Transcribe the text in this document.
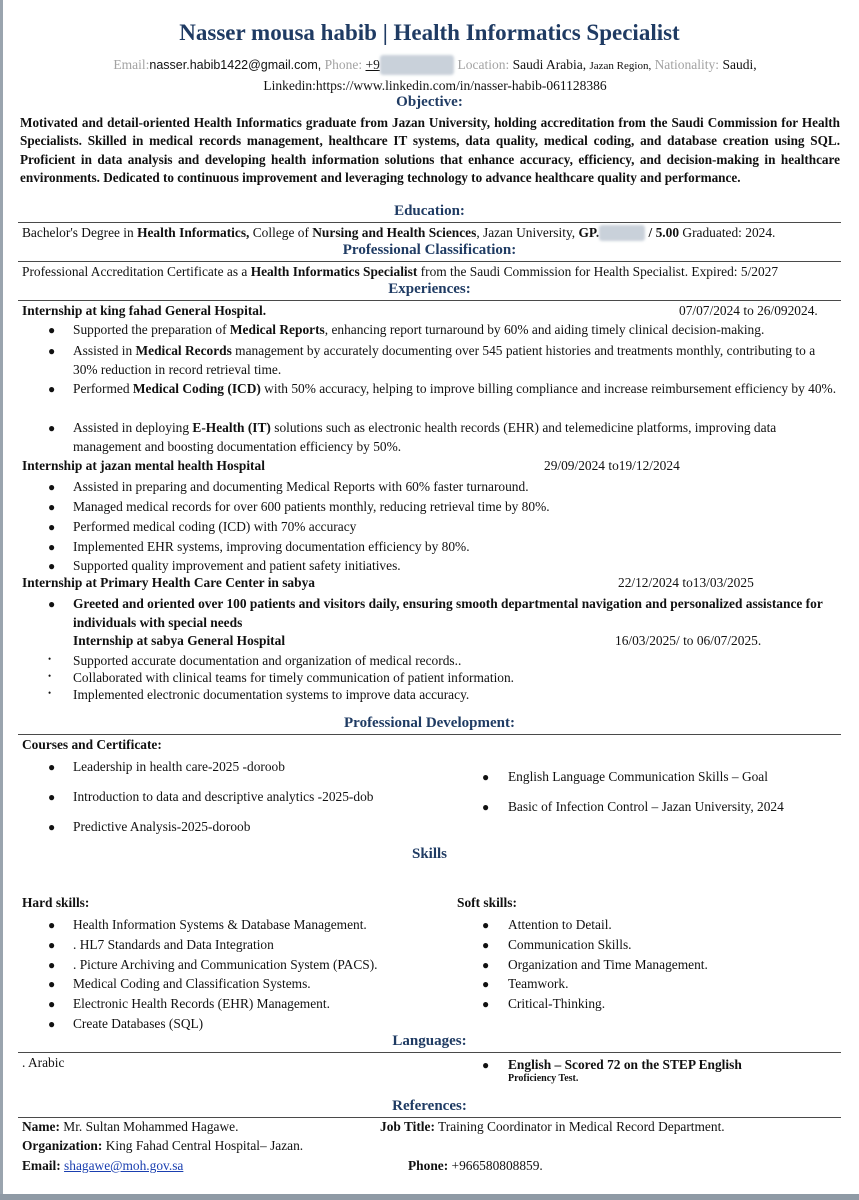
Nasser mousa habib | Health Informatics Specialist
Email:nasser.habib1422@gmail.com, Phone: +9	Location: Saudi Arabia, Jazan Region, Nationality: Saudi,
Linkedin:https://www.linkedin.com/in/nasser-habib-061128386
Objective:
Motivated and detail-oriented Health Informatics graduate from Jazan University, holding accreditation from the Saudi Commission for Health Specialists. Skilled in medical records management, healthcare IT systems, data quality, medical coding, and database creation using SQL. Proficient in data analysis and developing health information solutions that enhance accuracy, efficiency, and decision-making in healthcare environments. Dedicated to continuous improvement and leveraging technology to advance healthcare quality and performance.
Education:
Bachelor's Degree in Health Informatics, College of Nursing and Health Sciences, Jazan University, GP.	/ 5.00 Graduated: 2024.
Professional Classification:
Professional Accreditation Certificate as a Health Informatics Specialist from the Saudi Commission for Health Specialist. Expired: 5/2027
Experiences:
Internship at king fahad General Hospital.	07/07/2024 to 26/092024.
● Supported the preparation of Medical Reports, enhancing report turnaround by 60% and aiding timely clinical decision-making.
● Assisted in Medical Records management by accurately documenting over 545 patient histories and treatments monthly, contributing to a 30% reduction in record retrieval time.
● Performed Medical Coding (ICD) with 50% accuracy, helping to improve billing compliance and increase reimbursement efficiency by 40%.
● Assisted in deploying E-Health (IT) solutions such as electronic health records (EHR) and telemedicine platforms, improving data management and boosting documentation efficiency by 50%.
Internship at jazan mental health Hospital	29/09/2024 to19/12/2024
● Assisted in preparing and documenting Medical Reports with 60% faster turnaround.
● Managed medical records for over 600 patients monthly, reducing retrieval time by 80%.
● Performed medical coding (ICD) with 70% accuracy
● Implemented EHR systems, improving documentation efficiency by 80%.
● Supported quality improvement and patient safety initiatives.
Internship at Primary Health Care Center in sabya	22/12/2024 to13/03/2025
● Greeted and oriented over 100 patients and visitors daily, ensuring smooth departmental navigation and personalized assistance for individuals with special needs
Internship at sabya General Hospital	16/03/2025/ to 06/07/2025.
• Supported accurate documentation and organization of medical records..
• Collaborated with clinical teams for timely communication of patient information.
• Implemented electronic documentation systems to improve data accuracy.
Professional Development:
Courses and Certificate:
● Leadership in health care-2025 -doroob
● Introduction to data and descriptive analytics -2025-dob
● Predictive Analysis-2025-doroob
● English Language Communication Skills – Goal
● Basic of Infection Control – Jazan University, 2024
Skills
Hard skills:
● Health Information Systems & Database Management.
● . HL7 Standards and Data Integration
● . Picture Archiving and Communication System (PACS).
● Medical Coding and Classification Systems.
● Electronic Health Records (EHR) Management.
● Create Databases (SQL)
Soft skills:
● Attention to Detail.
● Communication Skills.
● Organization and Time Management.
● Teamwork.
● Critical-Thinking.
Languages:
. Arabic	● English – Scored 72 on the STEP English
Proficiency Test.
References:
Name: Mr. Sultan Mohammed Hagawe.
Organization: King Fahad Central Hospital– Jazan.
Email: shagawe@moh.gov.sa
Job Title: Training Coordinator in Medical Record Department.
Phone: +966580808859.
